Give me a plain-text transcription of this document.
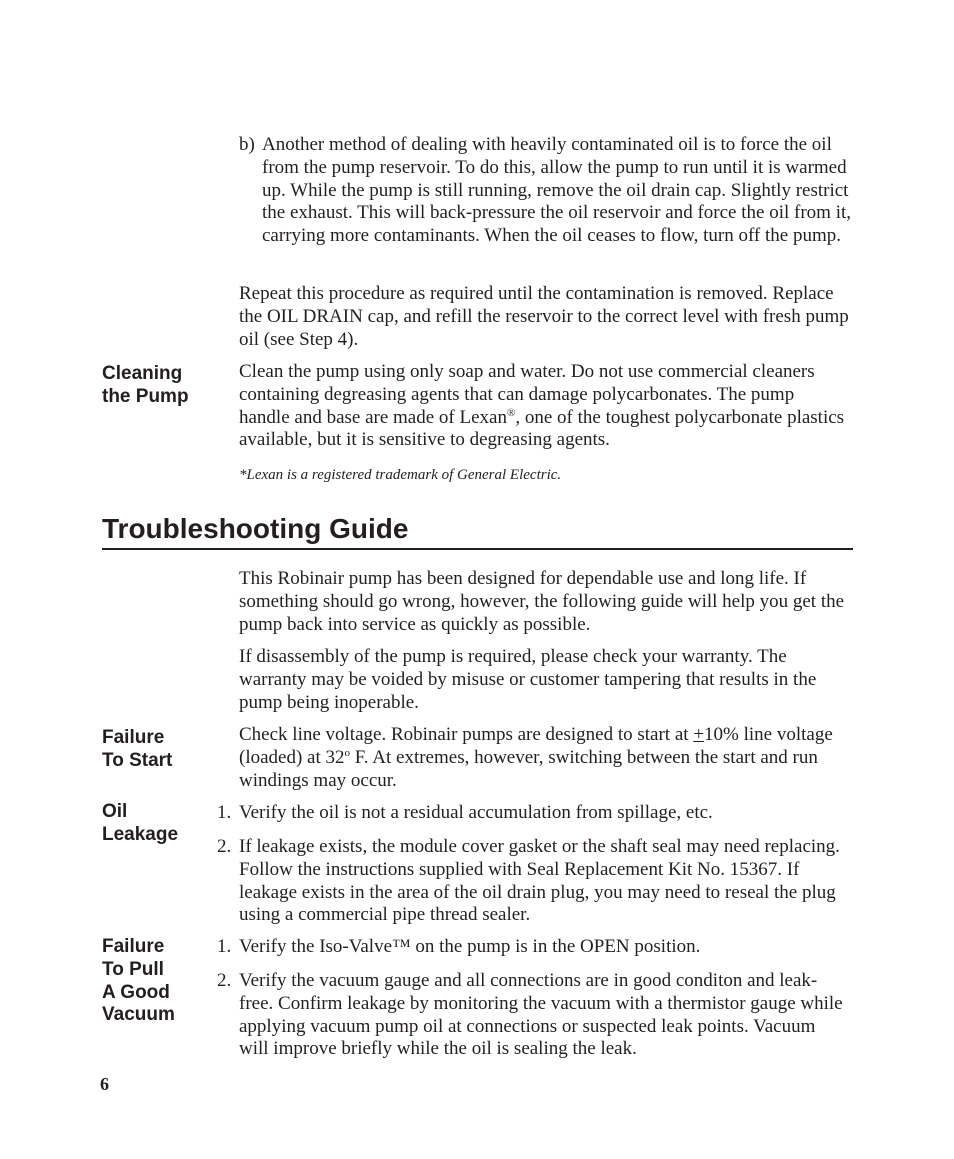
b) Another method of dealing with heavily contaminated oil is to force the oil from the pump reservoir. To do this, allow the pump to run until it is warmed up. While the pump is still running, remove the oil drain cap. Slightly restrict the exhaust. This will back-pressure the oil reservoir and force the oil from it, carrying more contaminants. When the oil ceases to flow, turn off the pump.

Repeat this procedure as required until the contamination is removed. Replace the OIL DRAIN cap, and refill the reservoir to the correct level with fresh pump oil (see Step 4).

Cleaning
the Pump

Clean the pump using only soap and water. Do not use commercial cleaners containing degreasing agents that can damage polycarbonates. The pump handle and base are made of Lexan®, one of the toughest polycarbonate plastics available, but it is sensitive to degreasing agents.

*Lexan is a registered trademark of General Electric.

Troubleshooting Guide

This Robinair pump has been designed for dependable use and long life. If something should go wrong, however, the following guide will help you get the pump back into service as quickly as possible.

If disassembly of the pump is required, please check your warranty. The warranty may be voided by misuse or customer tampering that results in the pump being inoperable.

Failure
To Start

Check line voltage. Robinair pumps are designed to start at +10% line voltage (loaded) at 32$^o$ F. At extremes, however, switching between the start and run windings may occur.

Oil
Leakage
1. Verify the oil is not a residual accumulation from spillage, etc.

2. If leakage exists, the module cover gasket or the shaft seal may need replacing. Follow the instructions supplied with Seal Replacement Kit No. 15367. If leakage exists in the area of the oil drain plug, you may need to reseal the plug using a commercial pipe thread sealer.

Failure
To Pull
A Good
Vacuum
1. Verify the Iso-Valve™ on the pump is in the OPEN position.

2. Verify the vacuum gauge and all connections are in good conditon and leak-free. Confirm leakage by monitoring the vacuum with a thermistor gauge while applying vacuum pump oil at connections or suspected leak points. Vacuum will improve briefly while the oil is sealing the leak.

6
